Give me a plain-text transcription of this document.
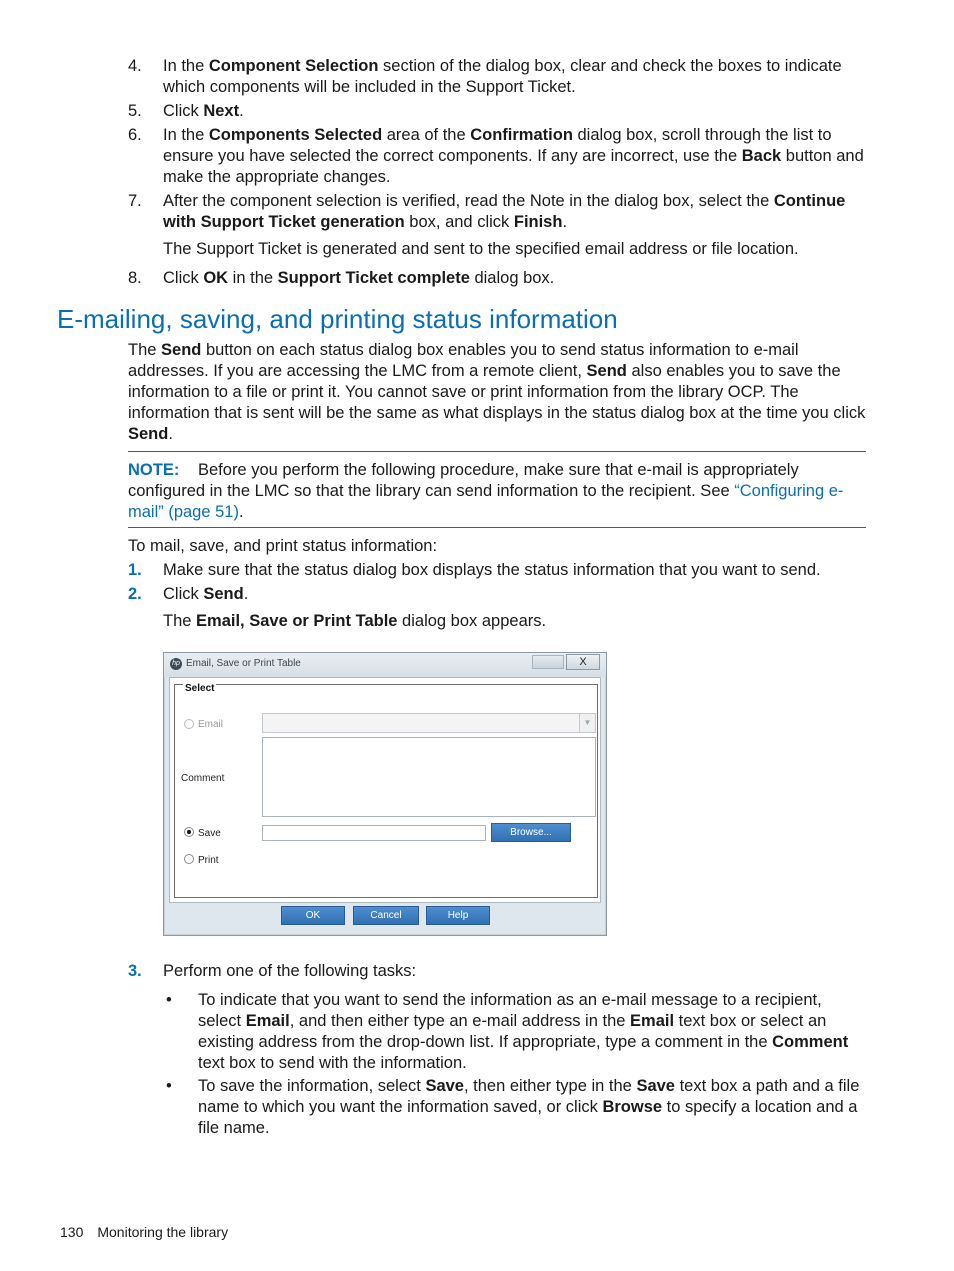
4.	In the Component Selection section of the dialog box, clear and check the boxes to indicate which components will be included in the Support Ticket.
5.	Click Next.
6.	In the Components Selected area of the Confirmation dialog box, scroll through the list to ensure you have selected the correct components. If any are incorrect, use the Back button and make the appropriate changes.
7.	After the component selection is verified, read the Note in the dialog box, select the Continue with Support Ticket generation box, and click Finish.
The Support Ticket is generated and sent to the specified email address or file location.
8.	Click OK in the Support Ticket complete dialog box.
E-mailing, saving, and printing status information
The Send button on each status dialog box enables you to send status information to e-mail addresses. If you are accessing the LMC from a remote client, Send also enables you to save the information to a file or print it. You cannot save or print information from the library OCP. The information that is sent will be the same as what displays in the status dialog box at the time you click Send.
NOTE: Before you perform the following procedure, make sure that e-mail is appropriately configured in the LMC so that the library can send information to the recipient. See “Configuring e-mail” (page 51).
To mail, save, and print status information:
1.	Make sure that the status dialog box displays the status information that you want to send.
2.	Click Send.
The Email, Save or Print Table dialog box appears.
hp Email, Save or Print Table	X
Select
Email	▼
Comment
Save	Browse...
Print
OK	Cancel	Help
3.	Perform one of the following tasks:
• To indicate that you want to send the information as an e-mail message to a recipient, select Email, and then either type an e-mail address in the Email text box or select an existing address from the drop-down list. If appropriate, type a comment in the Comment text box to send with the information.
• To save the information, select Save, then either type in the Save text box a path and a file name to which you want the information saved, or click Browse to specify a location and a file name.
130 Monitoring the library
